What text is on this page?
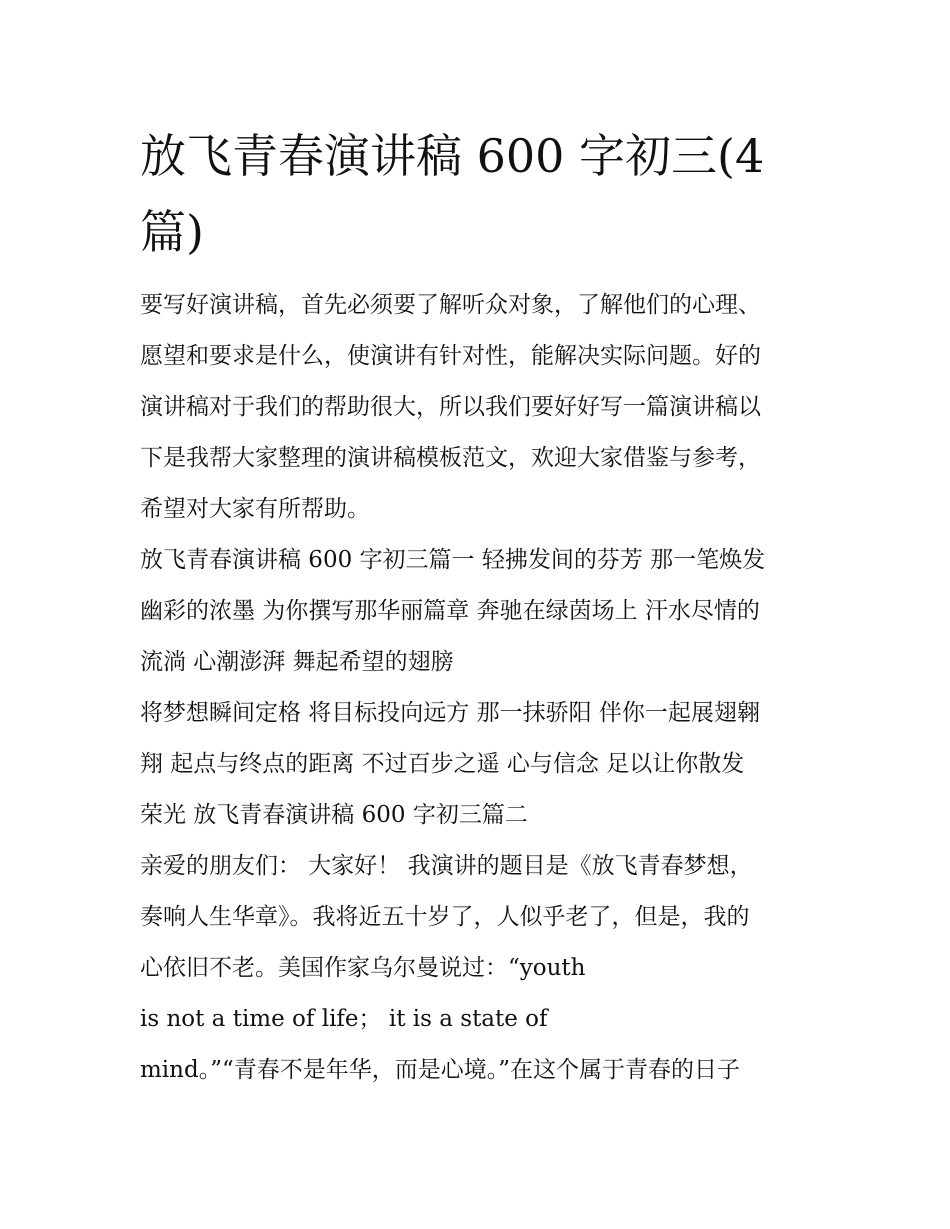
放飞青春演讲稿 600 字初三(4
篇)
要写好演讲稿，首先必须要了解听众对象，了解他们的心理、
愿望和要求是什么，使演讲有针对性，能解决实际问题。好的
演讲稿对于我们的帮助很大，所以我们要好好写一篇演讲稿以
下是我帮大家整理的演讲稿模板范文，欢迎大家借鉴与参考，
希望对大家有所帮助。
放飞青春演讲稿 600 字初三篇一 轻拂发间的芬芳 那一笔焕发
幽彩的浓墨 为你撰写那华丽篇章 奔驰在绿茵场上 汗水尽情的
流淌 心潮澎湃 舞起希望的翅膀
将梦想瞬间定格 将目标投向远方 那一抹骄阳 伴你一起展翅翱
翔 起点与终点的距离 不过百步之遥 心与信念 足以让你散发
荣光 放飞青春演讲稿 600 字初三篇二
亲爱的朋友们： 大家好！ 我演讲的题目是《放飞青春梦想，
奏响人生华章》。我将近五十岁了，人似乎老了，但是，我的
心依旧不老。美国作家乌尔曼说过：“youth
is not a time of life； it is a state of
mind。”“青春不是年华，而是心境。”在这个属于青春的日子
